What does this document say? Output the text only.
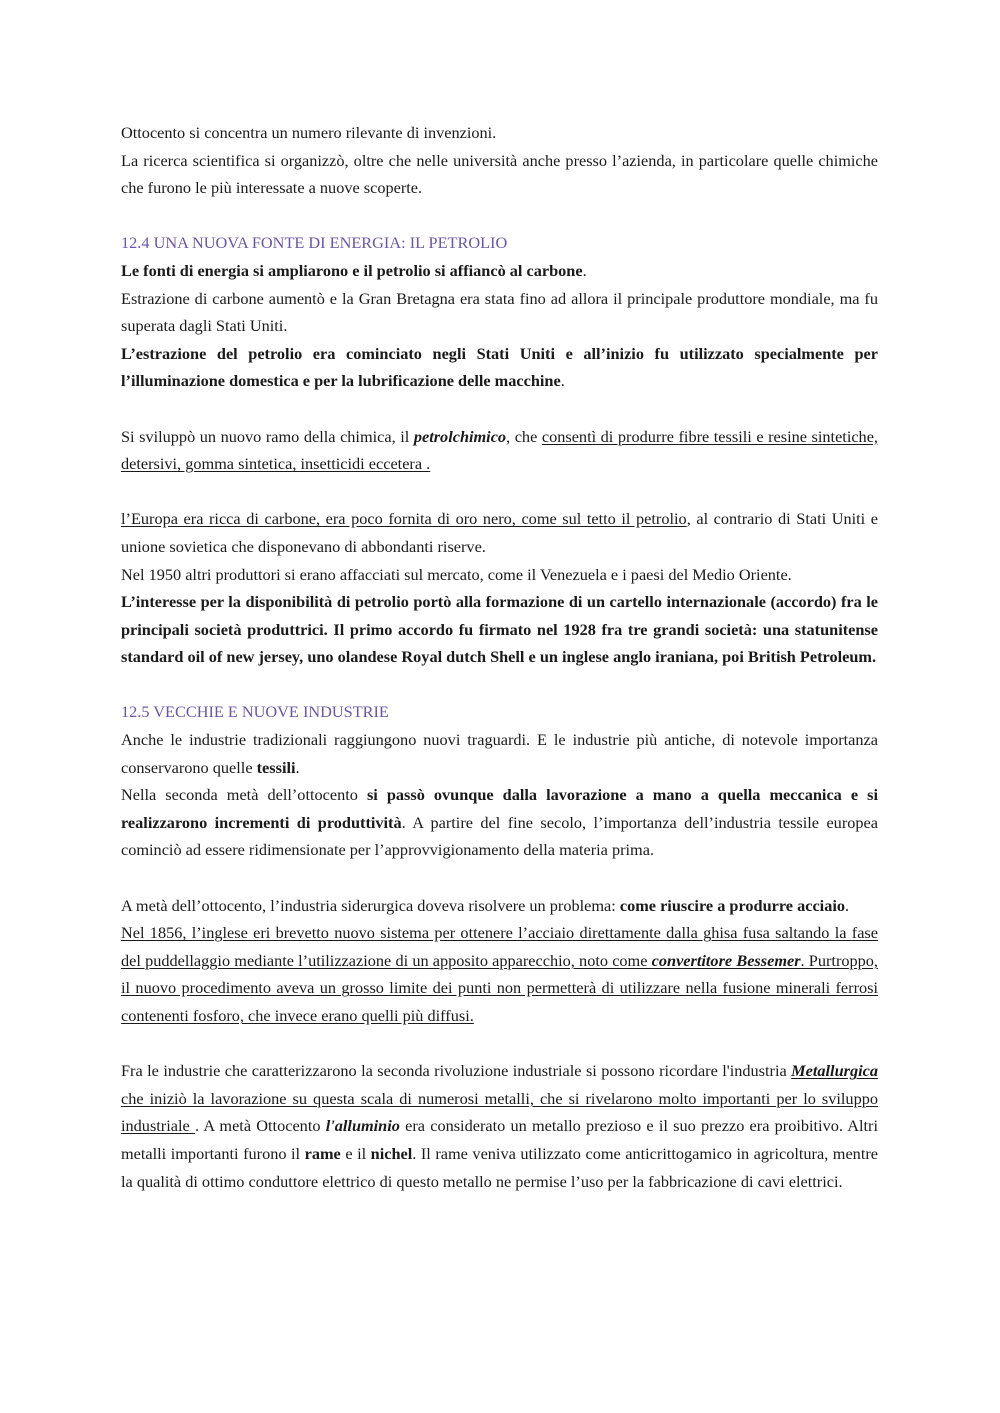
Ottocento si concentra un numero rilevante di invenzioni.

La ricerca scientifica si organizzò, oltre che nelle università anche presso l’azienda, in particolare quelle chimiche che furono le più interessate a nuove scoperte.

12.4 UNA NUOVA FONTE DI ENERGIA: IL PETROLIO

Le fonti di energia si ampliarono e il petrolio si affiancò al carbone.

Estrazione di carbone aumentò e la Gran Bretagna era stata fino ad allora il principale produttore mondiale, ma fu superata dagli Stati Uniti.

L’estrazione del petrolio era cominciato negli Stati Uniti e all’inizio fu utilizzato specialmente per l’illuminazione domestica e per la lubrificazione delle macchine.

Si sviluppò un nuovo ramo della chimica, il petrolchimico, che consentì di produrre fibre tessili e resine sintetiche, detersivi, gomma sintetica, insetticidi eccetera .

l’Europa era ricca di carbone, era poco fornita di oro nero, come sul tetto il petrolio, al contrario di Stati Uniti e unione sovietica che disponevano di abbondanti riserve.

Nel 1950 altri produttori si erano affacciati sul mercato, come il Venezuela e i paesi del Medio Oriente.

L’interesse per la disponibilità di petrolio portò alla formazione di un cartello internazionale (accordo) fra le principali società produttrici. Il primo accordo fu firmato nel 1928 fra tre grandi società: una statunitense standard oil of new jersey, uno olandese Royal dutch Shell e un inglese anglo iraniana, poi British Petroleum.

12.5 VECCHIE E NUOVE INDUSTRIE

Anche le industrie tradizionali raggiungono nuovi traguardi. E le industrie più antiche, di notevole importanza conservarono quelle tessili.

Nella seconda metà dell’ottocento si passò ovunque dalla lavorazione a mano a quella meccanica e si realizzarono incrementi di produttività. A partire del fine secolo, l’importanza dell’industria tessile europea cominciò ad essere ridimensionate per l’approvvigionamento della materia prima.

A metà dell’ottocento, l’industria siderurgica doveva risolvere un problema: come riuscire a produrre acciaio.

Nel 1856, l’inglese eri brevetto nuovo sistema per ottenere l’acciaio direttamente dalla ghisa fusa saltando la fase del puddellaggio mediante l’utilizzazione di un apposito apparecchio, noto come convertitore Bessemer. Purtroppo, il nuovo procedimento aveva un grosso limite dei punti non permetterà di utilizzare nella fusione minerali ferrosi contenenti fosforo, che invece erano quelli più diffusi.

Fra le industrie che caratterizzarono la seconda rivoluzione industriale si possono ricordare l'industria Metallurgica che iniziò la lavorazione su questa scala di numerosi metalli, che si rivelarono molto importanti per lo sviluppo industriale . A metà Ottocento l'alluminio era considerato un metallo prezioso e il suo prezzo era proibitivo. Altri metalli importanti furono il rame e il nichel. Il rame veniva utilizzato come anticrittogamico in agricoltura, mentre la qualità di ottimo conduttore elettrico di questo metallo ne permise l’uso per la fabbricazione di cavi elettrici.
